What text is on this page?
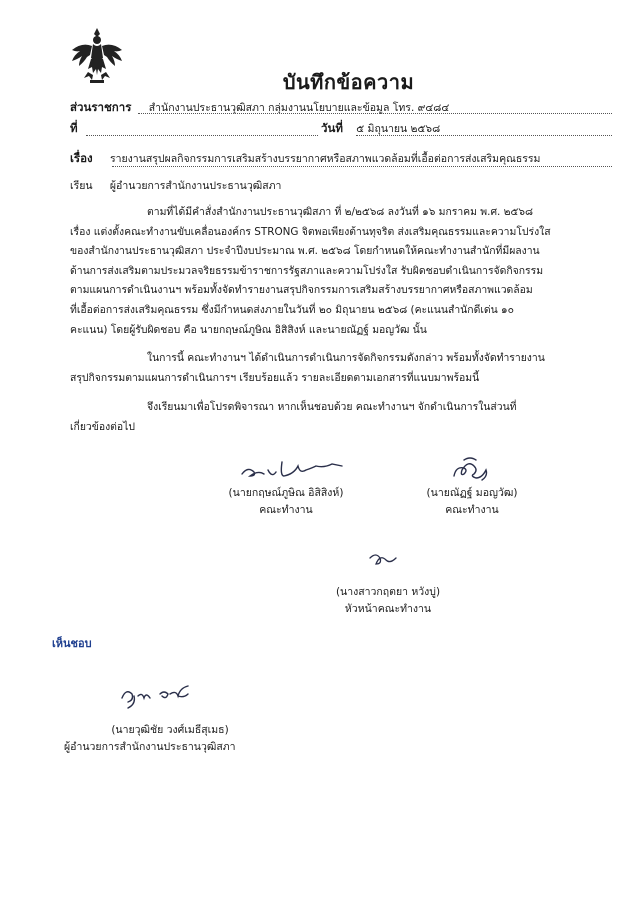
บันทึกข้อความ
ส่วนราชการ สำนักงานประธานวุฒิสภา กลุ่มงานนโยบายและข้อมูล โทร. ๙๔๘๔
ที่	วันที่ ๕ มิถุนายน ๒๕๖๘
เรื่อง รายงานสรุปผลกิจกรรมการเสริมสร้างบรรยากาศหรือสภาพแวดล้อมที่เอื้อต่อการส่งเสริมคุณธรรม
เรียน ผู้อำนวยการสำนักงานประธานวุฒิสภา
ตามที่ได้มีคำสั่งสำนักงานประธานวุฒิสภา ที่ ๒/๒๕๖๘ ลงวันที่ ๑๖ มกราคม พ.ศ. ๒๕๖๘
เรื่อง แต่งตั้งคณะทำงานขับเคลื่อนองค์กร STRONG จิตพอเพียงต้านทุจริต ส่งเสริมคุณธรรมและความโปร่งใส
ของสำนักงานประธานวุฒิสภา ประจำปีงบประมาณ พ.ศ. ๒๕๖๘ โดยกำหนดให้คณะทำงานสำนักที่มีผลงาน
ด้านการส่งเสริมตามประมวลจริยธรรมข้าราชการรัฐสภาและความโปร่งใส รับผิดชอบดำเนินการจัดกิจกรรม
ตามแผนการดำเนินงานฯ พร้อมทั้งจัดทำรายงานสรุปกิจกรรมการเสริมสร้างบรรยากาศหรือสภาพแวดล้อม
ที่เอื้อต่อการส่งเสริมคุณธรรม ซึ่งมีกำหนดส่งภายในวันที่ ๒๐ มิถุนายน ๒๕๖๘ (คะแนนสำนักดีเด่น ๑๐
คะแนน) โดยผู้รับผิดชอบ คือ นายกฤษณ์ภูษิณ อิสิสิงห์ และนายณัฏฐ์ มอญวัฒ นั้น
ในการนี้ คณะทำงานฯ ได้ดำเนินการดำเนินการจัดกิจกรรมดังกล่าว พร้อมทั้งจัดทำรายงาน
สรุปกิจกรรมตามแผนการดำเนินการฯ เรียบร้อยแล้ว รายละเอียดตามเอกสารที่แนบมาพร้อมนี้
จึงเรียนมาเพื่อโปรดพิจารณา หากเห็นชอบด้วย คณะทำงานฯ จักดำเนินการในส่วนที่
เกี่ยวข้องต่อไป
(นายกฤษณ์ภูษิณ อิสิสิงห์)
คณะทำงาน
(นายณัฏฐ์ มอญวัฒ)
คณะทำงาน
(นางสาวกฤตยา หวังบู่)
หัวหน้าคณะทำงาน
เห็นชอบ
(นายวุฒิชัย วงศ์เมธีสุเมธ)
ผู้อำนวยการสำนักงานประธานวุฒิสภา
